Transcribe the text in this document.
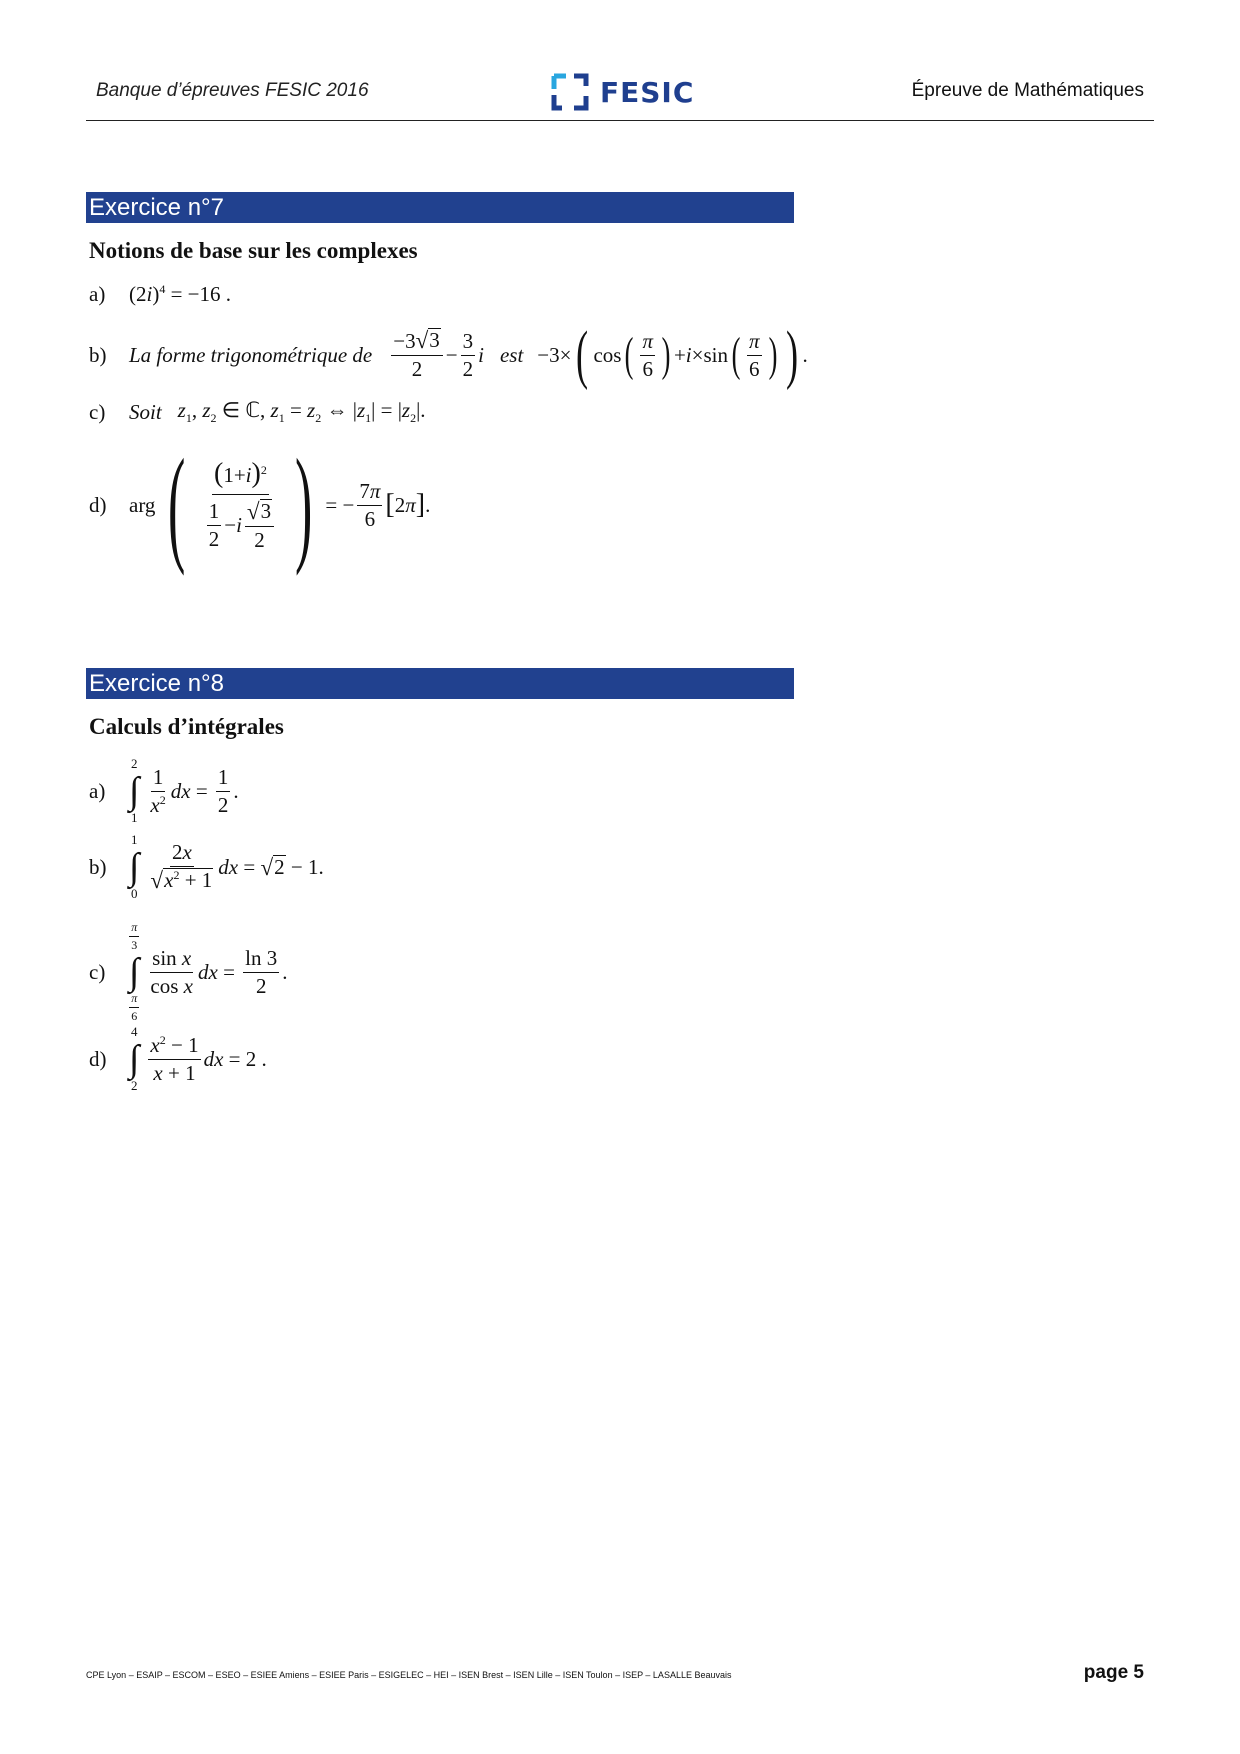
Banque d’épreuves FESIC 2016	FESIC	Épreuve de Mathématiques
Exercice n°7
Notions de base sur les complexes
a)	$(2i)^4 = -16$ .
b)	La forme trigonométrique de $\frac{-3 √ 3}{2} - \frac{3}{2}$ i est −3× ( cos ( $\frac{\pi}{6}$ ) + i ×sin ( $\frac{\pi}{6}$ ) ) .
c)	Soit $z_1$, $z_2$ ∈ ℂ, $z_1 = z_2$ ⇔ $|z_1| = |z_2|$.
d)	arg ( $\frac{(1+i)^2}{\frac{1}{2} - i \frac{√ 3}{2}}$ ) = − $\frac{7\pi}{6}$ [ 2 π ] .
Exercice n°8
Calculs d’intégrales
a)
2
∫
$1 \frac{1}{x^2}$ dx = $\frac{1}{2}$ .
b)
1
∫
$0 \frac{2x}{√ x^2 + 1}$ dx = √ 2 − 1.
c)
$\frac{\pi}{3}$
∫
$\frac{\pi}{6}$
$\frac{\text{sin x}}{\text{cos x}}$ dx = $\frac{\ln 3}{2}$ .
d)
4
∫
$2 \frac{x^2 - 1}{x + 1}$ dx = 2 .
CPE Lyon – ESAIP – ESCOM – ESEO – ESIEE Amiens – ESIEE Paris – ESIGELEC – HEI – ISEN Brest – ISEN Lille – ISEN Toulon – ISEP – LASALLE Beauvais	page 5
